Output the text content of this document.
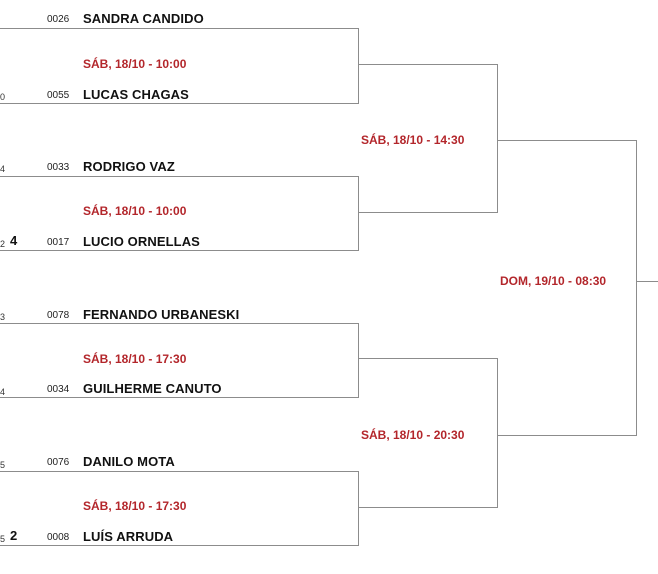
0
4
2 4
3
4
5
5 2
0026 SANDRA CANDIDO
SÁB, 18/10 - 10:00
0055 LUCAS CHAGAS
0033 RODRIGO VAZ
SÁB, 18/10 - 10:00
0017 LUCIO ORNELLAS
0078 FERNANDO URBANESKI
SÁB, 18/10 - 17:30
0034 GUILHERME CANUTO
0076 DANILO MOTA
SÁB, 18/10 - 17:30
0008 LUÍS ARRUDA
SÁB, 18/10 - 14:30
SÁB, 18/10 - 20:30
DOM, 19/10 - 08:30
